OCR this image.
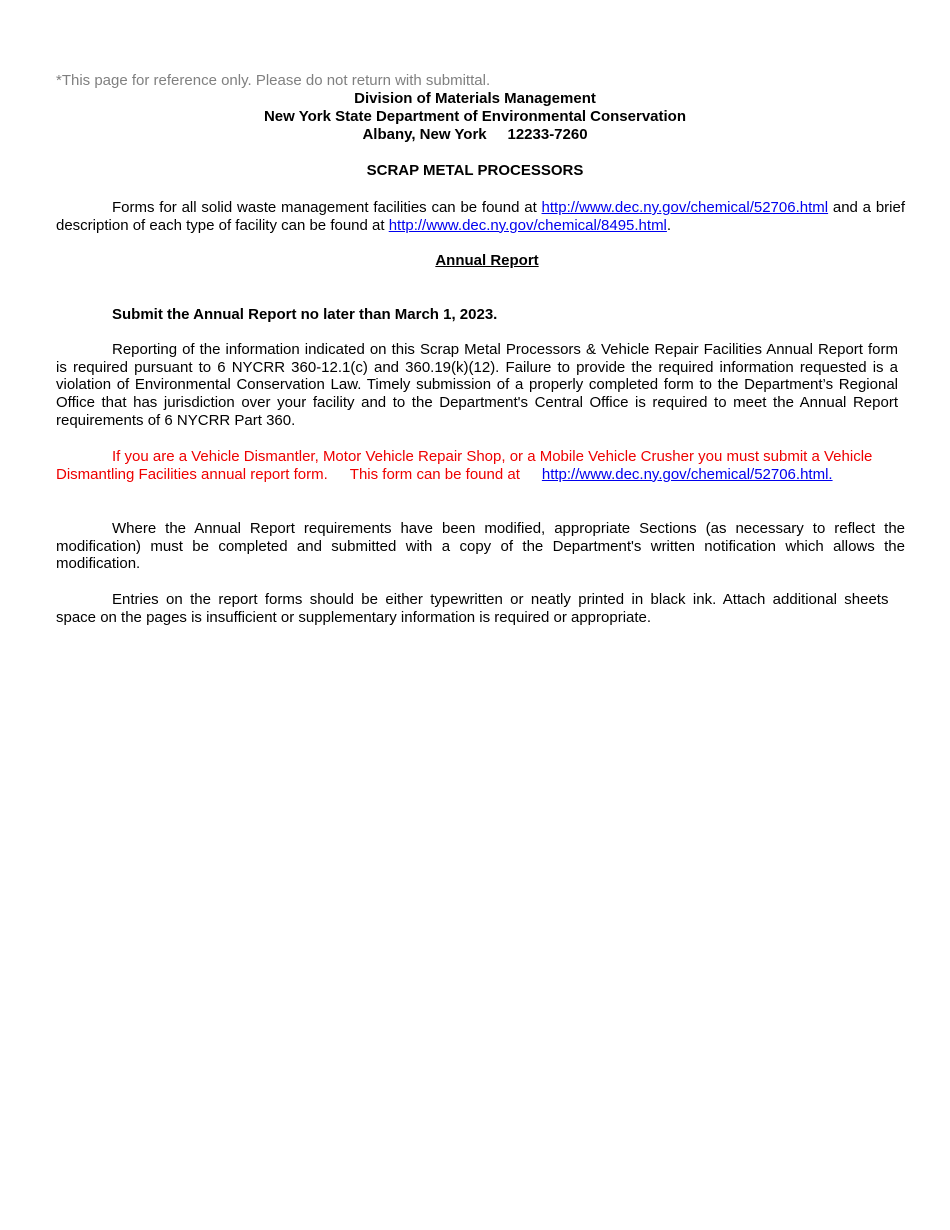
*This page for reference only. Please do not return with submittal.
Division of Materials Management
New York State Department of Environmental Conservation
Albany, New York     12233-7260
SCRAP METAL PROCESSORS
Forms for all solid waste management facilities can be found at http://www.dec.ny.gov/chemical/52706.html and a brief description of each type of facility can be found at http://www.dec.ny.gov/chemical/8495.html.
Annual Report
Submit the Annual Report no later than March 1, 2023.
Reporting of the information indicated on this Scrap Metal Processors & Vehicle Repair Facilities Annual Report form is required pursuant to 6 NYCRR 360-12.1(c) and 360.19(k)(12). Failure to provide the required information requested is a violation of Environmental Conservation Law. Timely submission of a properly completed form to the Department’s Regional Office that has jurisdiction over your facility and to the Department's Central Office is required to meet the Annual Report requirements of 6 NYCRR Part 360.
If you are a Vehicle Dismantler, Motor Vehicle Repair Shop, or a Mobile Vehicle Crusher you must submit a Vehicle Dismantling Facilities annual report form. This form can be found at http://www.dec.ny.gov/chemical/52706.html.
Where the Annual Report requirements have been modified, appropriate Sections (as necessary to reflect the modification) must be completed and submitted with a copy of the Department's written notification which allows the modification.
Entries on the report forms should be either typewritten or neatly printed in black ink. Attach additional sheets
space on the pages is insufficient or supplementary information is required or appropriate.
